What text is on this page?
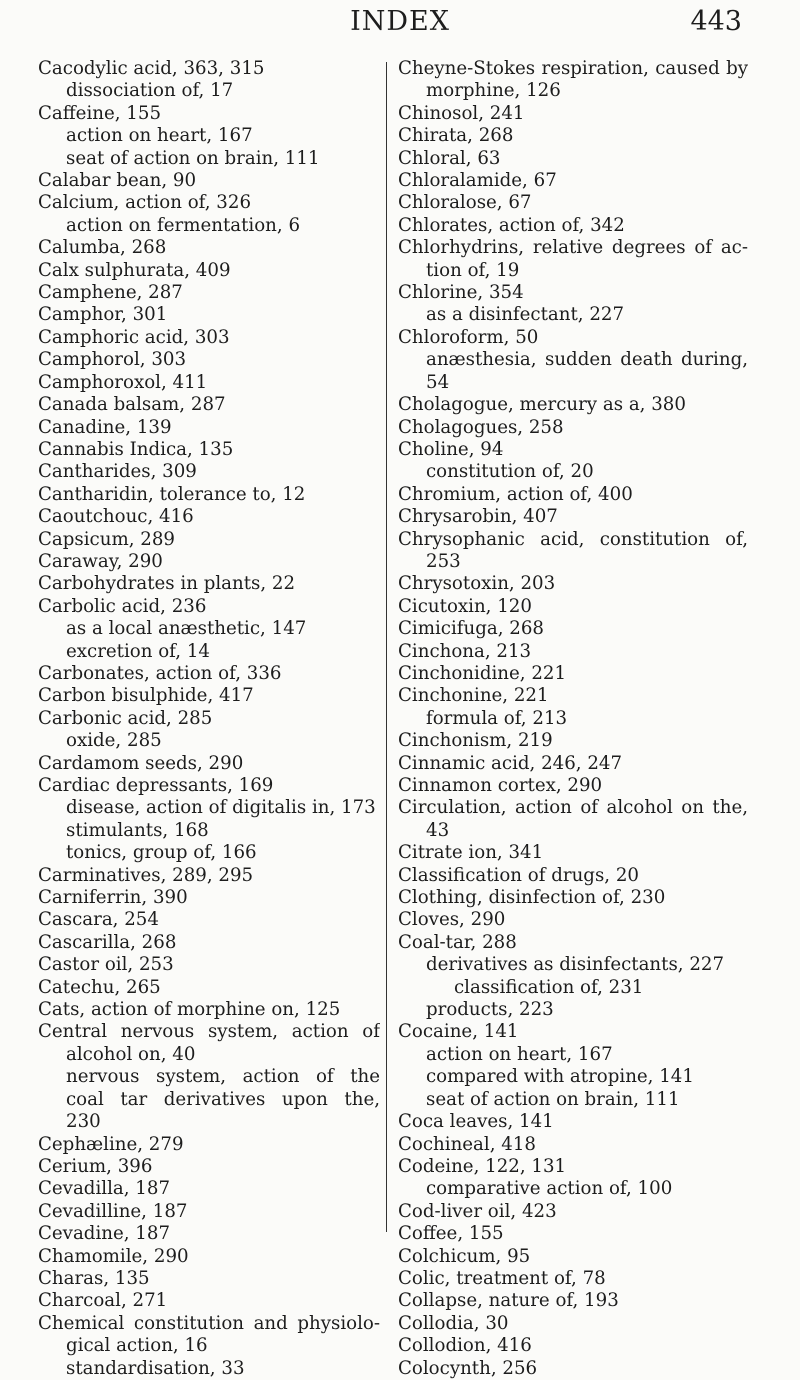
INDEX	443
Cacodylic acid, 363, 315
dissociation of, 17
Caffeine, 155
action on heart, 167
seat of action on brain, 111
Calabar bean, 90
Calcium, action of, 326
action on fermentation, 6
Calumba, 268
Calx sulphurata, 409
Camphene, 287
Camphor, 301
Camphoric acid, 303
Camphorol, 303
Camphoroxol, 411
Canada balsam, 287
Canadine, 139
Cannabis Indica, 135
Cantharides, 309
Cantharidin, tolerance to, 12
Caoutchouc, 416
Capsicum, 289
Caraway, 290
Carbohydrates in plants, 22
Carbolic acid, 236
as a local anæsthetic, 147
excretion of, 14
Carbonates, action of, 336
Carbon bisulphide, 417
Carbonic acid, 285
oxide, 285
Cardamom seeds, 290
Cardiac depressants, 169
disease, action of digitalis in, 173
stimulants, 168
tonics, group of, 166
Carminatives, 289, 295
Carniferrin, 390
Cascara, 254
Cascarilla, 268
Castor oil, 253
Catechu, 265
Cats, action of morphine on, 125
Central nervous system, action of
alcohol on, 40
nervous system, action of the
coal tar derivatives upon the,
230
Cephæline, 279
Cerium, 396
Cevadilla, 187
Cevadilline, 187
Cevadine, 187
Chamomile, 290
Charas, 135
Charcoal, 271
Chemical constitution and physiolo-
gical action, 16
standardisation, 33
Cheyne-Stokes respiration, caused by
morphine, 126
Chinosol, 241
Chirata, 268
Chloral, 63
Chloralamide, 67
Chloralose, 67
Chlorates, action of, 342
Chlorhydrins, relative degrees of ac-
tion of, 19
Chlorine, 354
as a disinfectant, 227
Chloroform, 50
anæsthesia, sudden death during,
54
Cholagogue, mercury as a, 380
Cholagogues, 258
Choline, 94
constitution of, 20
Chromium, action of, 400
Chrysarobin, 407
Chrysophanic acid, constitution of,
253
Chrysotoxin, 203
Cicutoxin, 120
Cimicifuga, 268
Cinchona, 213
Cinchonidine, 221
Cinchonine, 221
formula of, 213
Cinchonism, 219
Cinnamic acid, 246, 247
Cinnamon cortex, 290
Circulation, action of alcohol on the,
43
Citrate ion, 341
Classification of drugs, 20
Clothing, disinfection of, 230
Cloves, 290
Coal-tar, 288
derivatives as disinfectants, 227
classification of, 231
products, 223
Cocaine, 141
action on heart, 167
compared with atropine, 141
seat of action on brain, 111
Coca leaves, 141
Cochineal, 418
Codeine, 122, 131
comparative action of, 100
Cod-liver oil, 423
Coffee, 155
Colchicum, 95
Colic, treatment of, 78
Collapse, nature of, 193
Collodia, 30
Collodion, 416
Colocynth, 256
